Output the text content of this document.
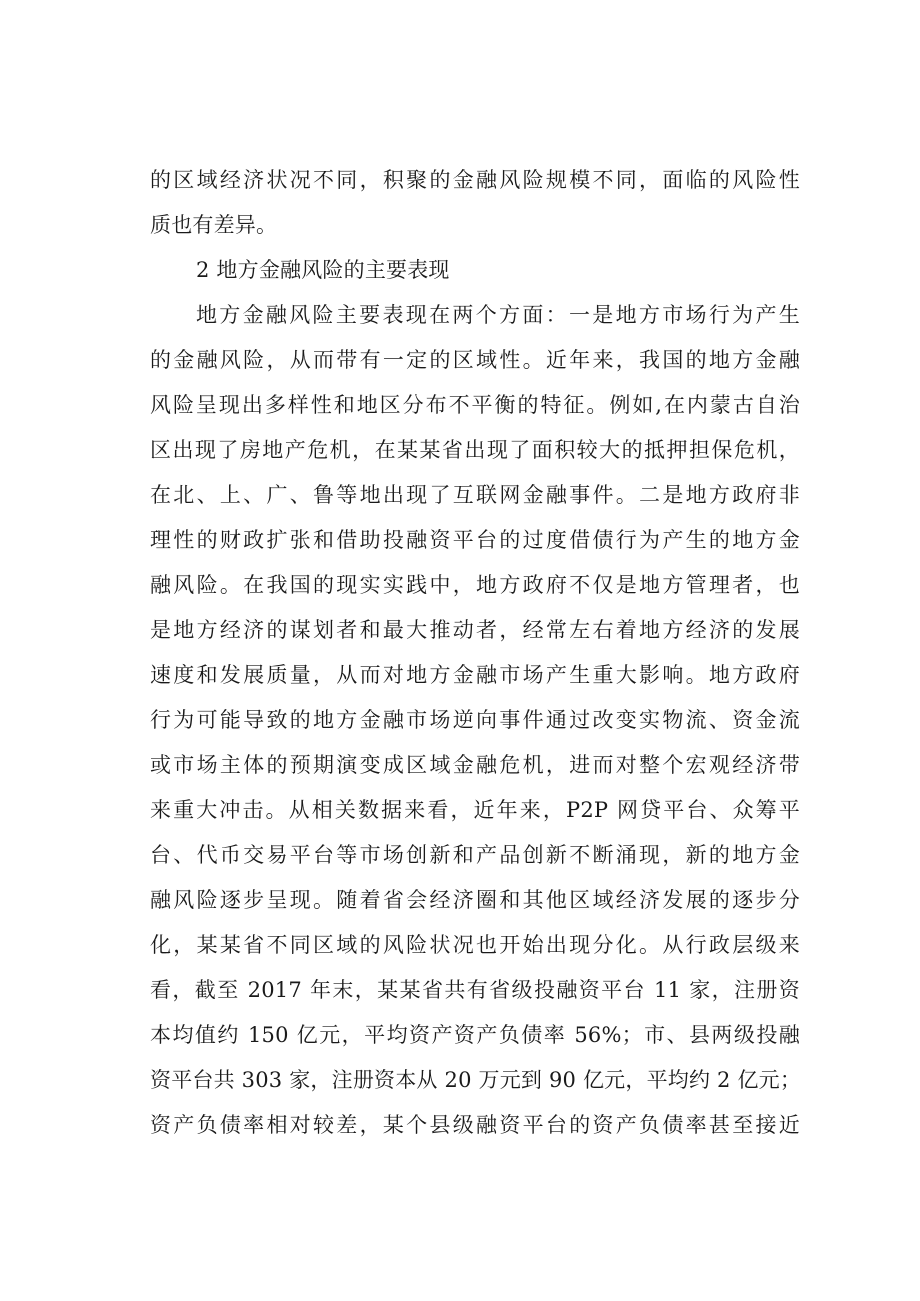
的区域经济状况不同，积聚的金融风险规模不同，面临的风险性
质也有差异。
2 地方金融风险的主要表现
地方金融风险主要表现在两个方面：一是地方市场行为产生
的金融风险，从而带有一定的区域性。近年来，我国的地方金融
风险呈现出多样性和地区分布不平衡的特征。例如,在内蒙古自治
区出现了房地产危机，在某某省出现了面积较大的抵押担保危机，
在北、上、广、鲁等地出现了互联网金融事件。二是地方政府非
理性的财政扩张和借助投融资平台的过度借债行为产生的地方金
融风险。在我国的现实实践中，地方政府不仅是地方管理者，也
是地方经济的谋划者和最大推动者，经常左右着地方经济的发展
速度和发展质量，从而对地方金融市场产生重大影响。地方政府
行为可能导致的地方金融市场逆向事件通过改变实物流、资金流
或市场主体的预期演变成区域金融危机，进而对整个宏观经济带
来重大冲击。从相关数据来看，近年来，P2P 网贷平台、众筹平
台、代币交易平台等市场创新和产品创新不断涌现，新的地方金
融风险逐步呈现。随着省会经济圈和其他区域经济发展的逐步分
化，某某省不同区域的风险状况也开始出现分化。从行政层级来
看，截至 2017 年末，某某省共有省级投融资平台 11 家，注册资
本均值约 150 亿元，平均资产资产负债率 56%；市、县两级投融
资平台共 303 家，注册资本从 20 万元到 90 亿元，平均约 2 亿元；
资产负债率相对较差，某个县级融资平台的资产负债率甚至接近
